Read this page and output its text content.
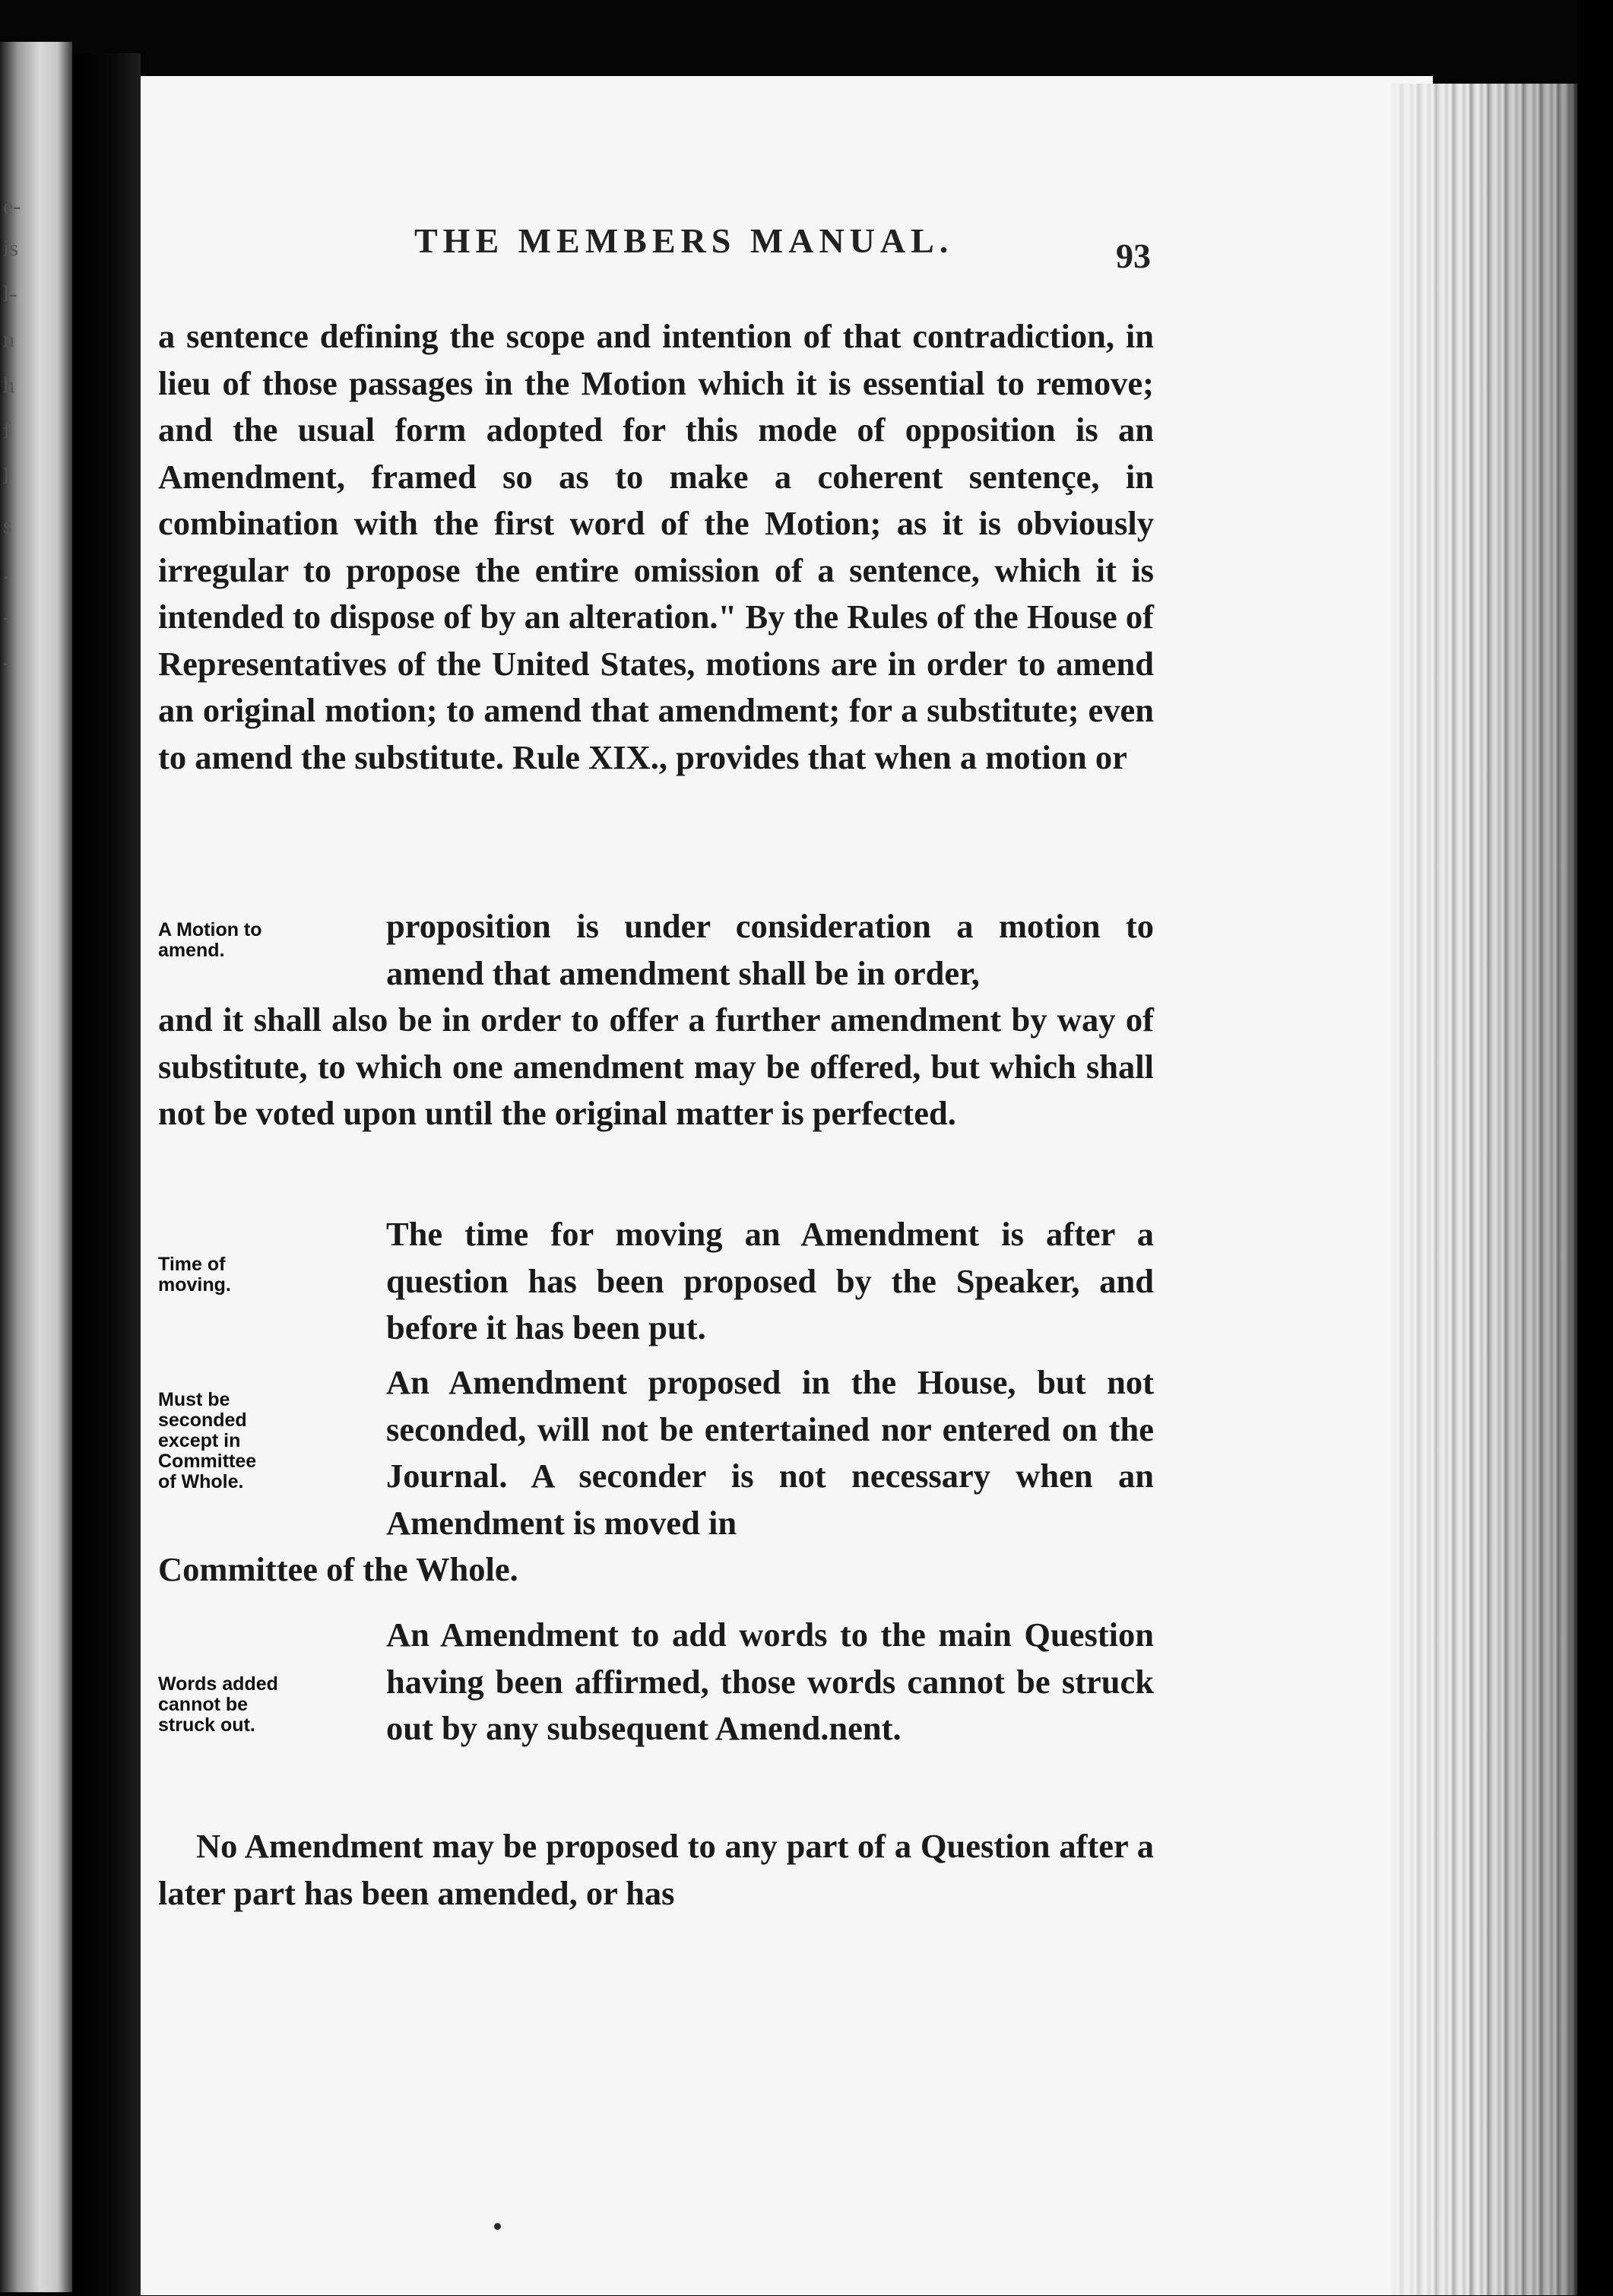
e-
is
l-
n
h
f
l
s
.
-
-
THE MEMBERS MANUAL.	93
a sentence defining the scope and intention of that contradiction, in lieu of those passages in the Motion which it is essential to remove; and the usual form adopted for this mode of opposition is an Amendment, framed so as to make a coherent sentençe, in combination with the first word of the Motion; as it is obviously irregular to propose the entire omission of a sentence, which it is intended to dispose of by an alteration." By the Rules of the House of Representatives of the United States, motions are in order to amend an original motion; to amend that amendment; for a substitute; even to amend the substitute. Rule XIX., provides that when a motion or
A Motion to
amend.
proposition is under consideration a motion to amend that amendment shall be in order,
and it shall also be in order to offer a further amendment by way of substitute, to which one amendment may be offered, but which shall not be voted upon until the original matter is perfected.
Time of
moving.
The time for moving an Amendment is after a question has been proposed by the Speaker, and before it has been put.
Must be
seconded
except in
Committee
of Whole.
An Amendment proposed in the House, but not seconded, will not be entertained nor entered on the Journal. A seconder is not necessary when an Amendment is moved in
Committee of the Whole.
Words added
cannot be
struck out.
An Amendment to add words to the main Question having been affirmed, those words cannot be struck out by any subsequent Amend.nent.
No Amendment may be proposed to any part of a Question after a later part has been amended, or has
